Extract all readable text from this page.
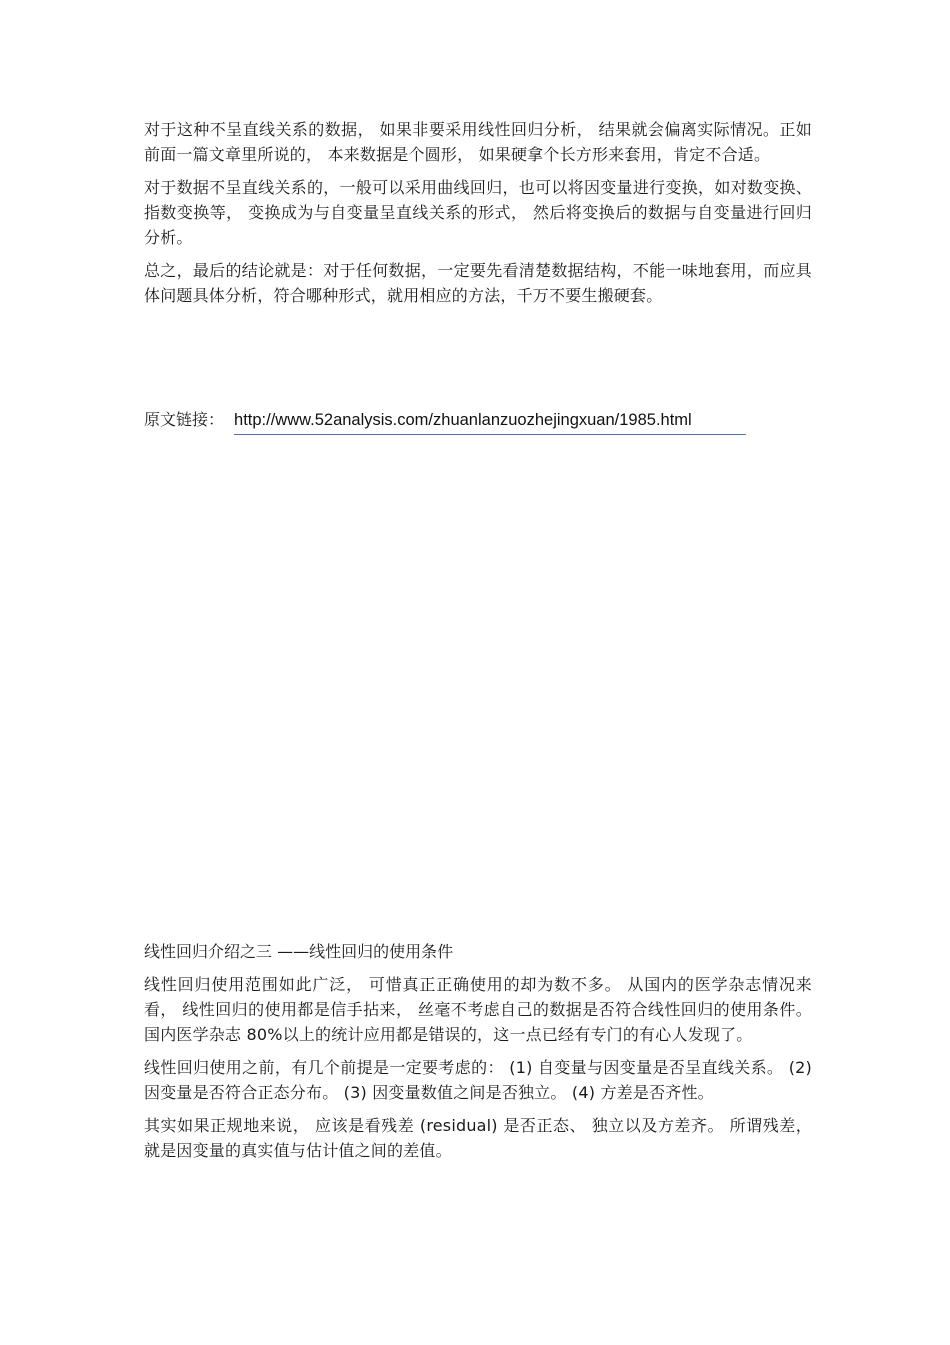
对于这种不呈直线关系的数据， 如果非要采用线性回归分析， 结果就会偏离实际情况。正如前面一篇文章里所说的， 本来数据是个圆形， 如果硬拿个长方形来套用，肯定不合适。

对于数据不呈直线关系的，一般可以采用曲线回归，也可以将因变量进行变换，如对数变换、 指数变换等， 变换成为与自变量呈直线关系的形式， 然后将变换后的数据与自变量进行回归分析。

总之，最后的结论就是：对于任何数据，一定要先看清楚数据结构，不能一味地套用，而应具体问题具体分析，符合哪种形式，就用相应的方法，千万不要生搬硬套。

原文链接： http://www.52analysis.com/zhuanlanzuozhejingxuan/1985.html

线性回归介绍之三 ——线性回归的使用条件

线性回归使用范围如此广泛， 可惜真正正确使用的却为数不多。 从国内的医学杂志情况来看， 线性回归的使用都是信手拈来， 丝毫不考虑自己的数据是否符合线性回归的使用条件。国内医学杂志 80%以上的统计应用都是错误的，这一点已经有专门的有心人发现了。

线性回归使用之前，有几个前提是一定要考虑的： (1) 自变量与因变量是否呈直线关系。 (2) 因变量是否符合正态分布。 (3) 因变量数值之间是否独立。 (4) 方差是否齐性。

其实如果正规地来说， 应该是看残差 (residual) 是否正态、 独立以及方差齐。 所谓残差，就是因变量的真实值与估计值之间的差值。
